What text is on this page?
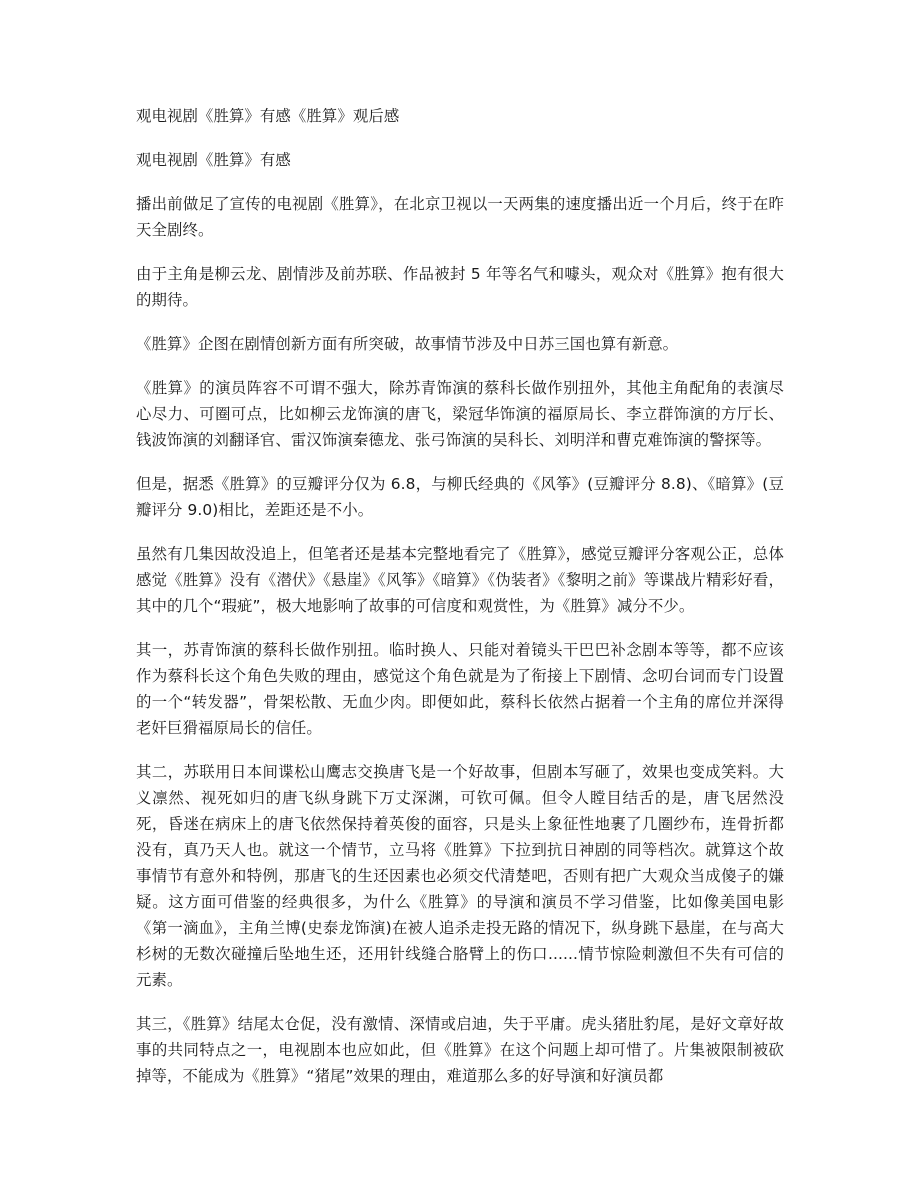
观电视剧《胜算》有感《胜算》观后感

观电视剧《胜算》有感

播出前做足了宣传的电视剧《胜算》，在北京卫视以一天两集的速度播出近一个月后，终于在昨天全剧终。

由于主角是柳云龙、剧情涉及前苏联、作品被封 5 年等名气和噱头，观众对《胜算》抱有很大的期待。

《胜算》企图在剧情创新方面有所突破，故事情节涉及中日苏三国也算有新意。

《胜算》的演员阵容不可谓不强大，除苏青饰演的蔡科长做作别扭外，其他主角配角的表演尽心尽力、可圈可点，比如柳云龙饰演的唐飞，梁冠华饰演的福原局长、李立群饰演的方厅长、钱波饰演的刘翻译官、雷汉饰演秦德龙、张弓饰演的吴科长、刘明洋和曹克难饰演的警探等。

但是，据悉《胜算》的豆瓣评分仅为 6.8，与柳氏经典的《风筝》(豆瓣评分 8.8)、《暗算》(豆瓣评分 9.0)相比，差距还是不小。

虽然有几集因故没追上，但笔者还是基本完整地看完了《胜算》，感觉豆瓣评分客观公正，总体感觉《胜算》没有《潜伏》《悬崖》《风筝》《暗算》《伪装者》《黎明之前》等谍战片精彩好看，其中的几个“瑕疵”，极大地影响了故事的可信度和观赏性，为《胜算》减分不少。

其一，苏青饰演的蔡科长做作别扭。临时换人、只能对着镜头干巴巴补念剧本等等，都不应该作为蔡科长这个角色失败的理由，感觉这个角色就是为了衔接上下剧情、念叨台词而专门设置的一个“转发器”，骨架松散、无血少肉。即便如此，蔡科长依然占据着一个主角的席位并深得老奸巨猾福原局长的信任。

其二，苏联用日本间谍松山鹰志交换唐飞是一个好故事，但剧本写砸了，效果也变成笑料。大义凛然、视死如归的唐飞纵身跳下万丈深渊，可钦可佩。但令人瞠目结舌的是，唐飞居然没死，昏迷在病床上的唐飞依然保持着英俊的面容，只是头上象征性地裹了几圈纱布，连骨折都没有，真乃天人也。就这一个情节，立马将《胜算》下拉到抗日神剧的同等档次。就算这个故事情节有意外和特例，那唐飞的生还因素也必须交代清楚吧，否则有把广大观众当成傻子的嫌疑。这方面可借鉴的经典很多，为什么《胜算》的导演和演员不学习借鉴，比如像美国电影《第一滴血》，主角兰博(史泰龙饰演)在被人追杀走投无路的情况下，纵身跳下悬崖，在与高大杉树的无数次碰撞后坠地生还，还用针线缝合胳臂上的伤口......情节惊险刺激但不失有可信的元素。

其三，《胜算》结尾太仓促，没有激情、深情或启迪，失于平庸。虎头猪肚豹尾，是好文章好故事的共同特点之一，电视剧本也应如此，但《胜算》在这个问题上却可惜了。片集被限制被砍掉等，不能成为《胜算》“猪尾”效果的理由，难道那么多的好导演和好演员都
